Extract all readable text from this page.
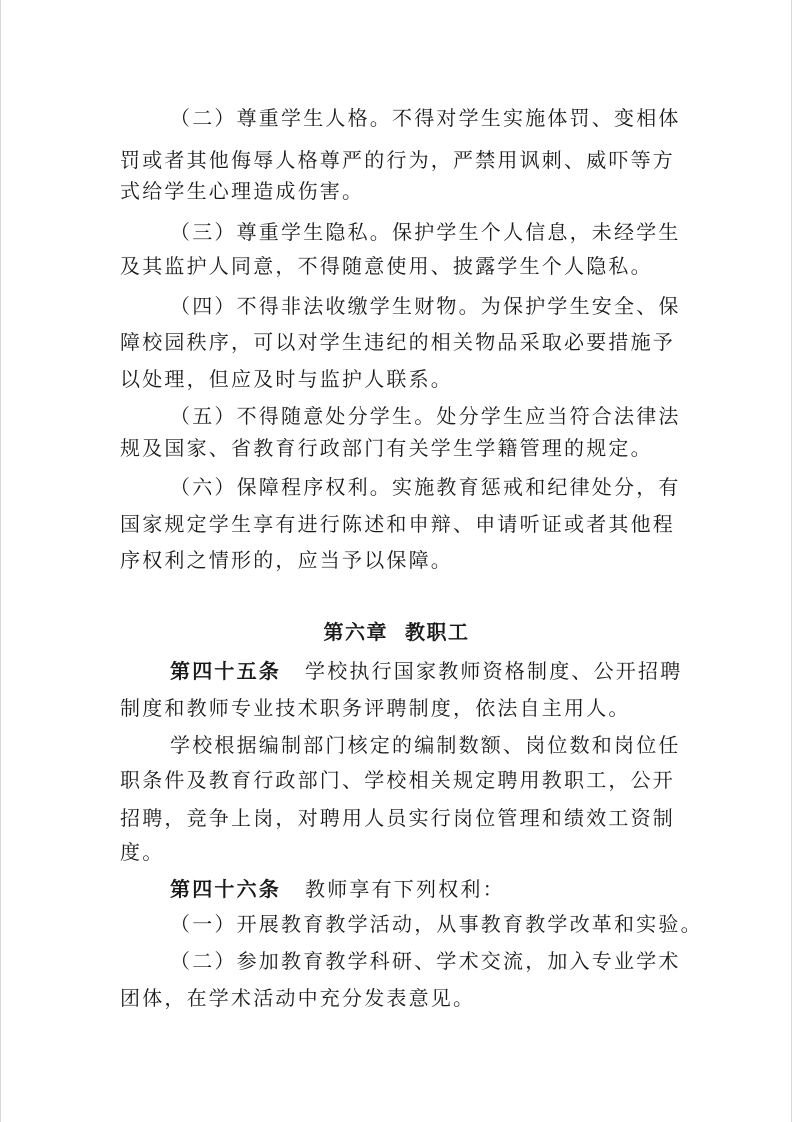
（二）尊重学生人格。不得对学生实施体罚、变相体
罚或者其他侮辱人格尊严的行为，严禁用讽刺、威吓等方
式给学生心理造成伤害。
（三）尊重学生隐私。保护学生个人信息，未经学生
及其监护人同意，不得随意使用、披露学生个人隐私。
（四）不得非法收缴学生财物。为保护学生安全、保
障校园秩序，可以对学生违纪的相关物品采取必要措施予
以处理，但应及时与监护人联系。
（五）不得随意处分学生。处分学生应当符合法律法
规及国家、省教育行政部门有关学生学籍管理的规定。
（六）保障程序权利。实施教育惩戒和纪律处分，有
国家规定学生享有进行陈述和申辩、申请听证或者其他程
序权利之情形的，应当予以保障。
第六章  教职工
第四十五条 学校执行国家教师资格制度、公开招聘
制度和教师专业技术职务评聘制度，依法自主用人。
学校根据编制部门核定的编制数额、岗位数和岗位任
职条件及教育行政部门、学校相关规定聘用教职工，公开
招聘，竞争上岗，对聘用人员实行岗位管理和绩效工资制
度。
第四十六条 教师享有下列权利：
（一）开展教育教学活动，从事教育教学改革和实验。
（二）参加教育教学科研、学术交流，加入专业学术
团体，在学术活动中充分发表意见。
